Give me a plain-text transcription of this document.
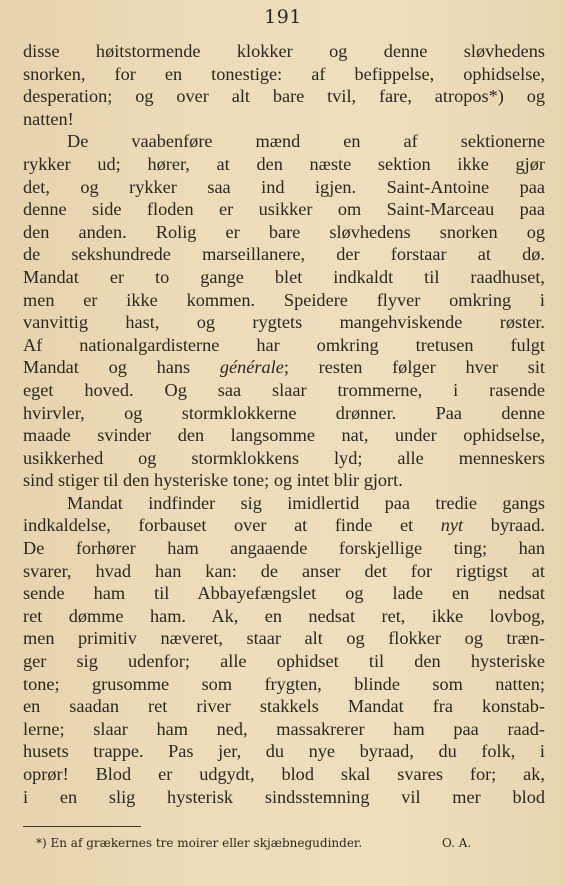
191
disse høitstormende klokker og denne sløvhedens
snorken, for en tonestige: af befippelse, ophidselse,
desperation; og over alt bare tvil, fare, atropos*) og
natten!
De vaabenføre mænd en af sektionerne
rykker ud; hører, at den næste sektion ikke gjør
det, og rykker saa ind igjen. Saint-Antoine paa
denne side floden er usikker om Saint-Marceau paa
den anden. Rolig er bare sløvhedens snorken og
de sekshundrede marseillanere, der forstaar at dø.
Mandat er to gange blet indkaldt til raadhuset,
men er ikke kommen. Speidere flyver omkring i
vanvittig hast, og rygtets mangehviskende røster.
Af nationalgardisterne har omkring tretusen fulgt
Mandat og hans générale; resten følger hver sit
eget hoved. Og saa slaar trommerne, i rasende
hvirvler, og stormklokkerne drønner. Paa denne
maade svinder den langsomme nat, under ophidselse,
usikkerhed og stormklokkens lyd; alle menneskers
sind stiger til den hysteriske tone; og intet blir gjort.
Mandat indfinder sig imidlertid paa tredie gangs
indkaldelse, forbauset over at finde et nyt byraad.
De forhører ham angaaende forskjellige ting; han
svarer, hvad han kan: de anser det for rigtigst at
sende ham til Abbayefængslet og lade en nedsat
ret dømme ham. Ak, en nedsat ret, ikke lovbog,
men primitiv næveret, staar alt og flokker og træn-
ger sig udenfor; alle ophidset til den hysteriske
tone; grusomme som frygten, blinde som natten;
en saadan ret river stakkels Mandat fra konstab-
lerne; slaar ham ned, massakrerer ham paa raad-
husets trappe. Pas jer, du nye byraad, du folk, i
oprør! Blod er udgydt, blod skal svares for; ak,
i en slig hysterisk sindsstemning vil mer blod
*) En af grækernes tre moirer eller skjæbnegudinder.	O. A.
